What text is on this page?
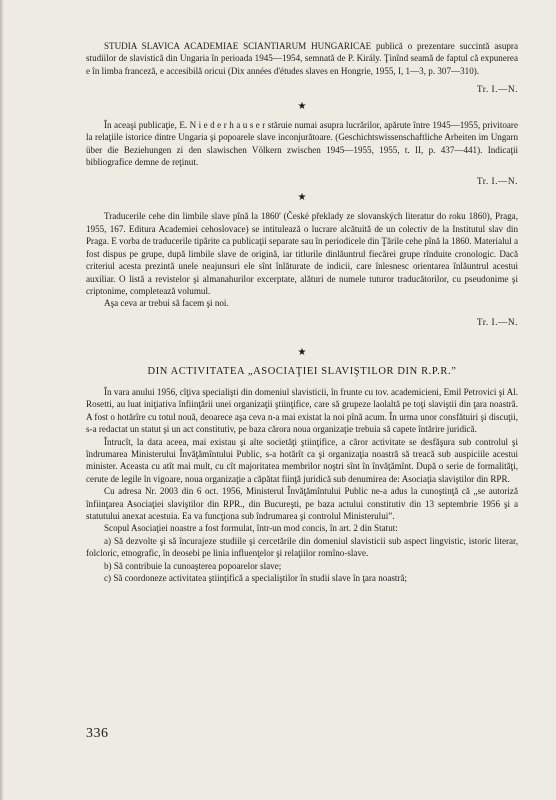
STUDIA SLAVICA ACADEMIAE SCIANTIARUM HUNGARICAE publică o prezentare succintă asupra studiilor de slavistică din Ungaria în perioada 1945—1954, semnată de P. Király. Ţinînd seamă de faptul că expunerea e în limba franceză, e accesibilă oricui (Dix années d'études slaves en Hongrie, 1955, I, 1—3, p. 307—310).

Tr. I.—N.
★

În aceaşi publicaţie, E. N i e d e r h a u s e r stăruie numai asupra lucrărilor, apărute între 1945—1955, privitoare la relaţiile istorice dintre Ungaria şi popoarele slave inconjurătoare. (Geschichtswissenschaftliche Arbeiten im Ungarn über die Beziehungen zi den slawischen Völkern zwischen 1945—1955, 1955, t. II, p. 437—441). Indicaţii bibliografice demne de reţinut.

Tr. I.—N.
★

Traducerile cehe din limbile slave pînă la 1860' (České překlady ze slovanských literatur do roku 1860), Praga, 1955, 167. Editura Academiei cehoslovace) se intitulează o lucrare alcătuită de un colectiv de la Institutul slav din Praga. E vorba de traducerile tipărite ca publicaţii separate sau în periodicele din Ţările cehe pînă la 1860. Materialul a fost dispus pe grupe, după limbile slave de origină, iar titlurile dinlăuntrul fiecărei grupe rînduite cronologic. Dacă criteriul acesta prezintă unele neajunsuri ele sînt înlăturate de indicii, care înlesnesc orientarea înlăuntrul acestui auxiliar. O listă a revistelor şi almanahurilor excerptate, alături de numele tuturor traducătorilor, cu pseudonime şi criptonime, completează volumul.

Aşa ceva ar trebui să facem şi noi.

Tr. I.—N.
★
DIN ACTIVITATEA „ASOCIAŢIEI SLAVIŞTILOR DIN R.P.R.”

În vara anului 1956, cîţiva specialişti din domeniul slavisticii, în frunte cu tov. academicieni, Emil Petrovici şi Al. Rosetti, au luat iniţiativa înfiinţării unei organizaţii ştiinţifice, care să grupeze laolaltă pe toţi slaviştii din ţara noastră. A fost o hotărîre cu totul nouă, deoarece aşa ceva n-a mai existat la noi pînă acum. În urma unor consfătuiri şi discuţii, s-a redactat un statut şi un act constitutiv, pe baza cărora noua organizaţie trebuia să capete întărire juridică.

Întrucît, la data aceea, mai existau şi alte societăţi ştiinţifice, a căror activitate se desfăşura sub controlul şi îndrumarea Ministerului Învăţămîntului Public, s-a hotărît ca şi organizaţia noastră să treacă sub auspiciile acestui minister. Aceasta cu atît mai mult, cu cît majoritatea membrilor noştri sînt în învăţămînt. După o serie de formalităţi, cerute de legile în vigoare, noua organizaţie a căpătat fiinţă juridică sub denumirea de: Asociaţia slaviştilor din RPR.

Cu adresa Nr. 2003 din 6 oct. 1956, Ministerul Învăţămîntului Public ne-a adus la cunoştinţă că „se autoriză înfiinţarea Asociaţiei slaviştilor din RPR., din Bucureşti, pe baza actului constitutiv din 13 septembrie 1956 şi a statutului anexat acestuia. Ea va funcţiona sub îndrumarea şi controlul Ministerului”.

Scopul Asociaţiei noastre a fost formulat, într-un mod concis, în art. 2 din Statut:

a) Să dezvolte şi să încurajeze studiile şi cercetările din domeniul slavisticii sub aspect lingvistic, istoric literar, folcloric, etnografic, în deosebi pe linia influenţelor şi relaţiilor romîno-slave.

b) Să contribuie la cunoaşterea popoarelor slave;

c) Să coordoneze activitatea ştiinţifică a specialiştilor în studii slave în ţara noastră;

336
